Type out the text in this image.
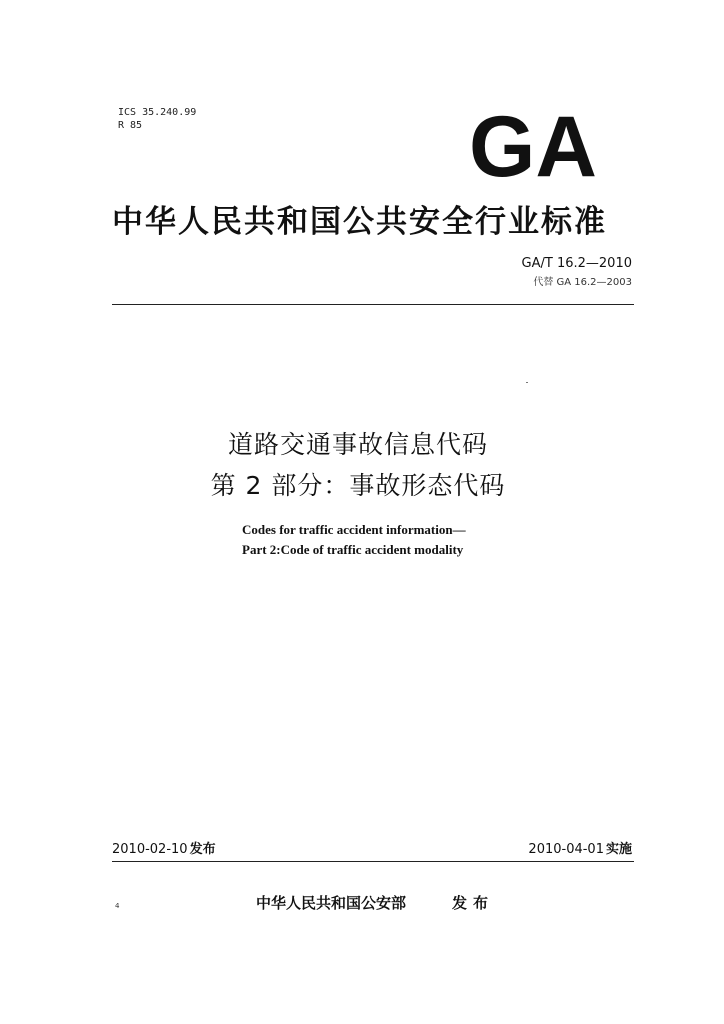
ICS 35.240.99
R 85	GA
中华人民共和国公共安全行业标准
GA/T 16.2—2010
代替 GA 16.2—2003
道路交通事故信息代码
第 2 部分：事故形态代码
Codes for traffic accident information—
Part 2:Code of traffic accident modality
2010-02-10 发布	2010-04-01 实施
4	中华人民共和国公安部	发布
